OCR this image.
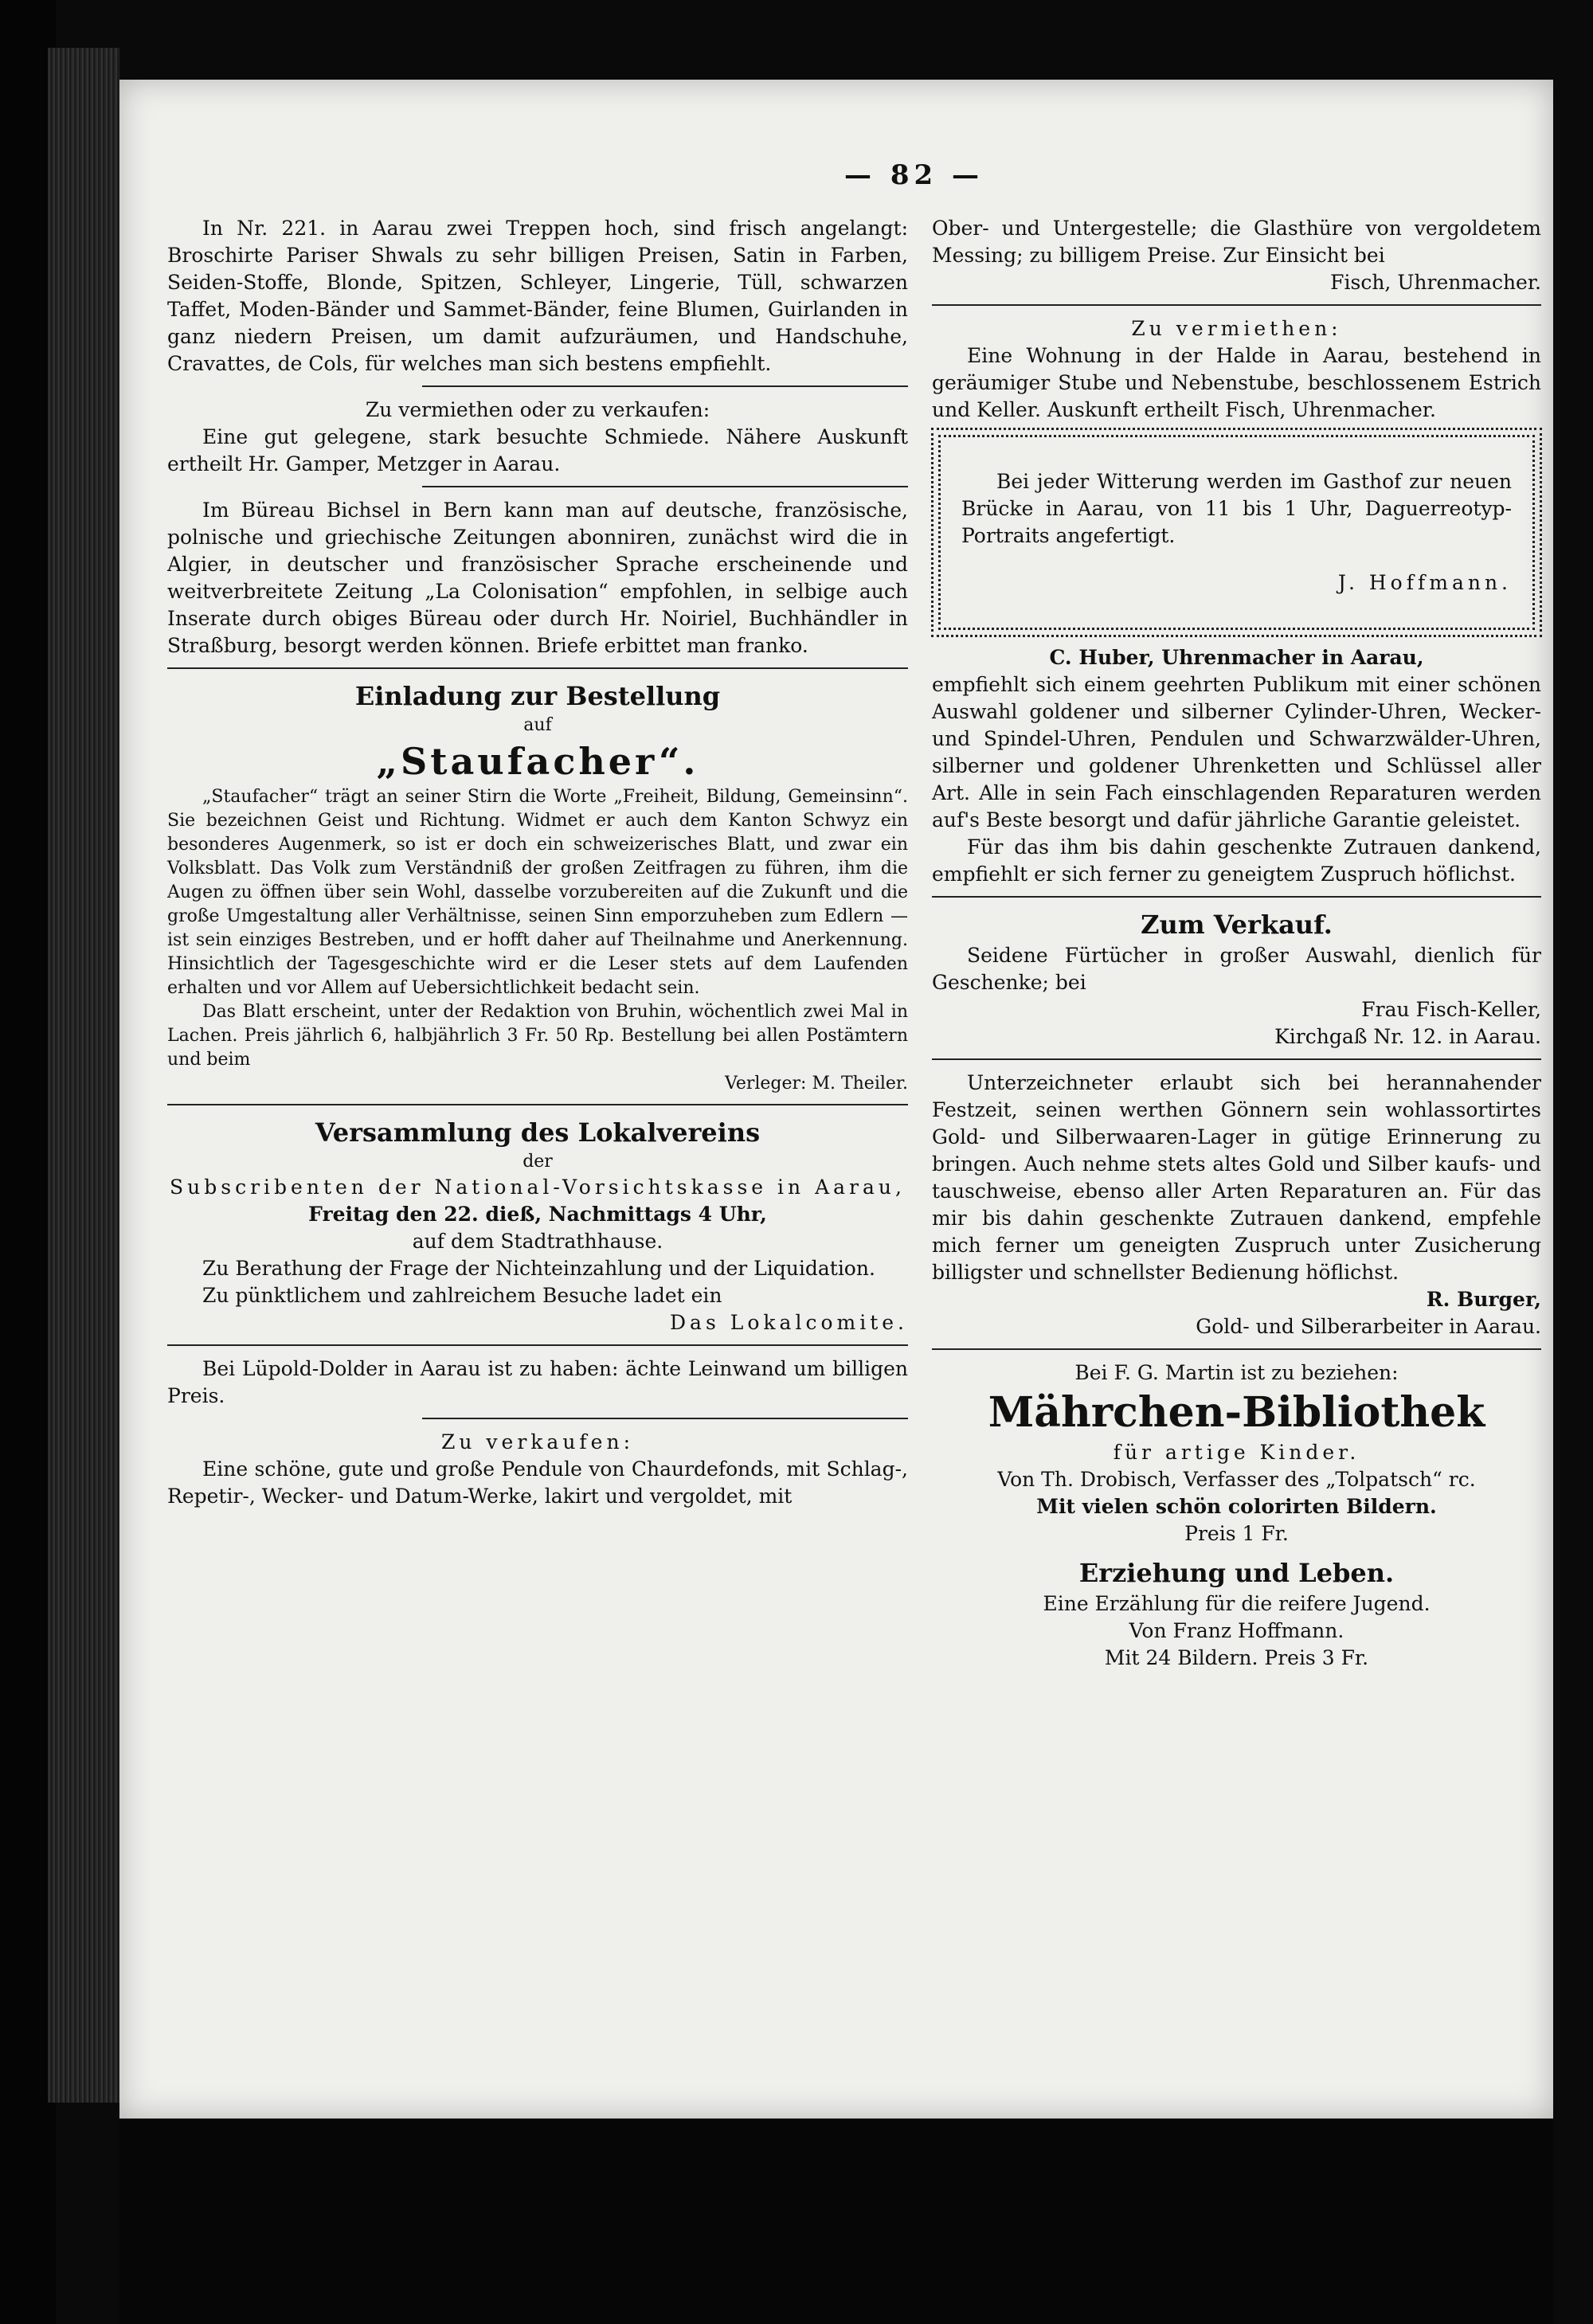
— 82 —

In Nr. 221. in Aarau zwei Treppen hoch, sind frisch angelangt: Broschirte Pariser Shwals zu sehr billigen Preisen, Satin in Farben, Seiden-Stoffe, Blonde, Spitzen, Schleyer, Lingerie, Tüll, schwarzen Taffet, Moden-Bänder und Sammet-Bänder, feine Blumen, Guirlanden in ganz niedern Preisen, um damit aufzuräumen, und Handschuhe, Cravattes, de Cols, für welches man sich bestens empfiehlt.

Zu vermiethen oder zu verkaufen:

Eine gut gelegene, stark besuchte Schmiede. Nähere Auskunft ertheilt Hr. Gamper, Metzger in Aarau.

Im Büreau Bichsel in Bern kann man auf deutsche, französische, polnische und griechische Zeitungen abonniren, zunächst wird die in Algier, in deutscher und französischer Sprache erscheinende und weitverbreitete Zeitung „La Colonisation“ empfohlen, in selbige auch Inserate durch obiges Büreau oder durch Hr. Noiriel, Buchhändler in Straßburg, besorgt werden können. Briefe erbittet man franko.

Einladung zur Bestellung

auf

„Staufacher“.

„Staufacher“ trägt an seiner Stirn die Worte „Freiheit, Bildung, Gemeinsinn“. Sie bezeichnen Geist und Richtung. Widmet er auch dem Kanton Schwyz ein besonderes Augenmerk, so ist er doch ein schweizerisches Blatt, und zwar ein Volksblatt. Das Volk zum Verständniß der großen Zeitfragen zu führen, ihm die Augen zu öffnen über sein Wohl, dasselbe vorzubereiten auf die Zukunft und die große Umgestaltung aller Verhältnisse, seinen Sinn emporzuheben zum Edlern — ist sein einziges Bestreben, und er hofft daher auf Theilnahme und Anerkennung. Hinsichtlich der Tagesgeschichte wird er die Leser stets auf dem Laufenden erhalten und vor Allem auf Uebersichtlichkeit bedacht sein.

Das Blatt erscheint, unter der Redaktion von Bruhin, wöchentlich zwei Mal in Lachen. Preis jährlich 6, halbjährlich 3 Fr. 50 Rp. Bestellung bei allen Postämtern und beim

Verleger: M. Theiler.

Versammlung des Lokalvereins

der

Subscribenten der National-Vorsichtskasse in Aarau,

Freitag den 22. dieß, Nachmittags 4 Uhr,

auf dem Stadtrathhause.

Zu Berathung der Frage der Nichteinzahlung und der Liquidation.

Zu pünktlichem und zahlreichem Besuche ladet ein

Das Lokalcomite.

Bei Lüpold-Dolder in Aarau ist zu haben: ächte Leinwand um billigen Preis.

Zu verkaufen:

Eine schöne, gute und große Pendule von Chaurdefonds, mit Schlag-, Repetir-, Wecker- und Datum-Werke, lakirt und vergoldet, mit

Ober- und Untergestelle; die Glasthüre von vergoldetem Messing; zu billigem Preise. Zur Einsicht bei

Fisch, Uhrenmacher.

Zu vermiethen:

Eine Wohnung in der Halde in Aarau, bestehend in geräumiger Stube und Nebenstube, beschlossenem Estrich und Keller. Auskunft ertheilt Fisch, Uhrenmacher.

Bei jeder Witterung werden im Gasthof zur neuen Brücke in Aarau, von 11 bis 1 Uhr, Daguerreotyp-Portraits angefertigt.

J. Hoffmann.

C. Huber, Uhrenmacher in Aarau,

empfiehlt sich einem geehrten Publikum mit einer schönen Auswahl goldener und silberner Cylinder-Uhren, Wecker- und Spindel-Uhren, Pendulen und Schwarzwälder-Uhren, silberner und goldener Uhrenketten und Schlüssel aller Art. Alle in sein Fach einschlagenden Reparaturen werden auf's Beste besorgt und dafür jährliche Garantie geleistet.

Für das ihm bis dahin geschenkte Zutrauen dankend, empfiehlt er sich ferner zu geneigtem Zuspruch höflichst.

Zum Verkauf.

Seidene Fürtücher in großer Auswahl, dienlich für Geschenke; bei

Frau Fisch-Keller,

Kirchgaß Nr. 12. in Aarau.

Unterzeichneter erlaubt sich bei herannahender Festzeit, seinen werthen Gönnern sein wohlassortirtes Gold- und Silberwaaren-Lager in gütige Erinnerung zu bringen. Auch nehme stets altes Gold und Silber kaufs- und tauschweise, ebenso aller Arten Reparaturen an. Für das mir bis dahin geschenkte Zutrauen dankend, empfehle mich ferner um geneigten Zuspruch unter Zusicherung billigster und schnellster Bedienung höflichst.

R. Burger,

Gold- und Silberarbeiter in Aarau.

Bei F. G. Martin ist zu beziehen:

Mährchen-Bibliothek

für artige Kinder.

Von Th. Drobisch, Verfasser des „Tolpatsch“ rc.

Mit vielen schön colorirten Bildern.

Preis 1 Fr.

Erziehung und Leben.

Eine Erzählung für die reifere Jugend.

Von Franz Hoffmann.

Mit 24 Bildern. Preis 3 Fr.
